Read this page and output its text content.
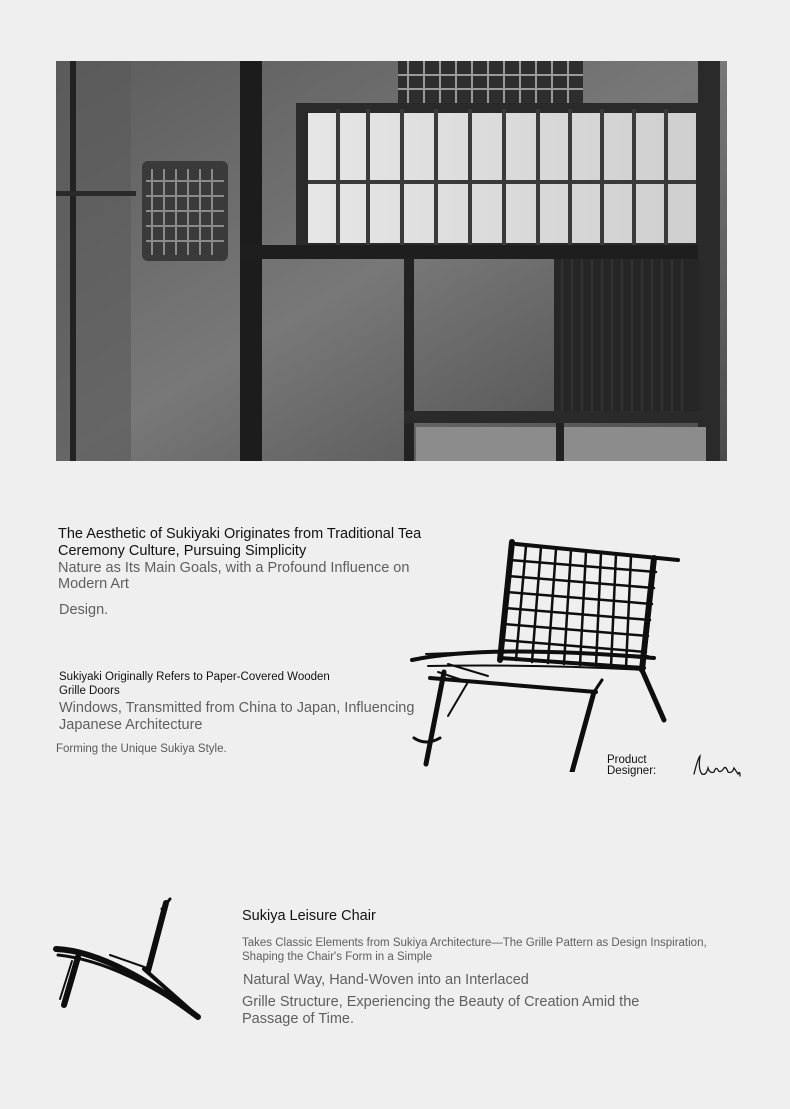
The Aesthetic of Sukiyaki Originates from Traditional Tea Ceremony Culture, Pursuing Simplicity

Nature as Its Main Goals, with a Profound Influence on Modern Art

Design.

Sukiyaki Originally Refers to Paper-Covered Wooden Grille Doors

Windows, Transmitted from China to Japan, Influencing Japanese Architecture

Forming the Unique Sukiya Style.

Product Designer:

Sukiya Leisure Chair

Takes Classic Elements from Sukiya Architecture—The Grille Pattern as Design Inspiration, Shaping the Chair's Form in a Simple

Natural Way, Hand-Woven into an Interlaced

Grille Structure, Experiencing the Beauty of Creation Amid the Passage of Time.
